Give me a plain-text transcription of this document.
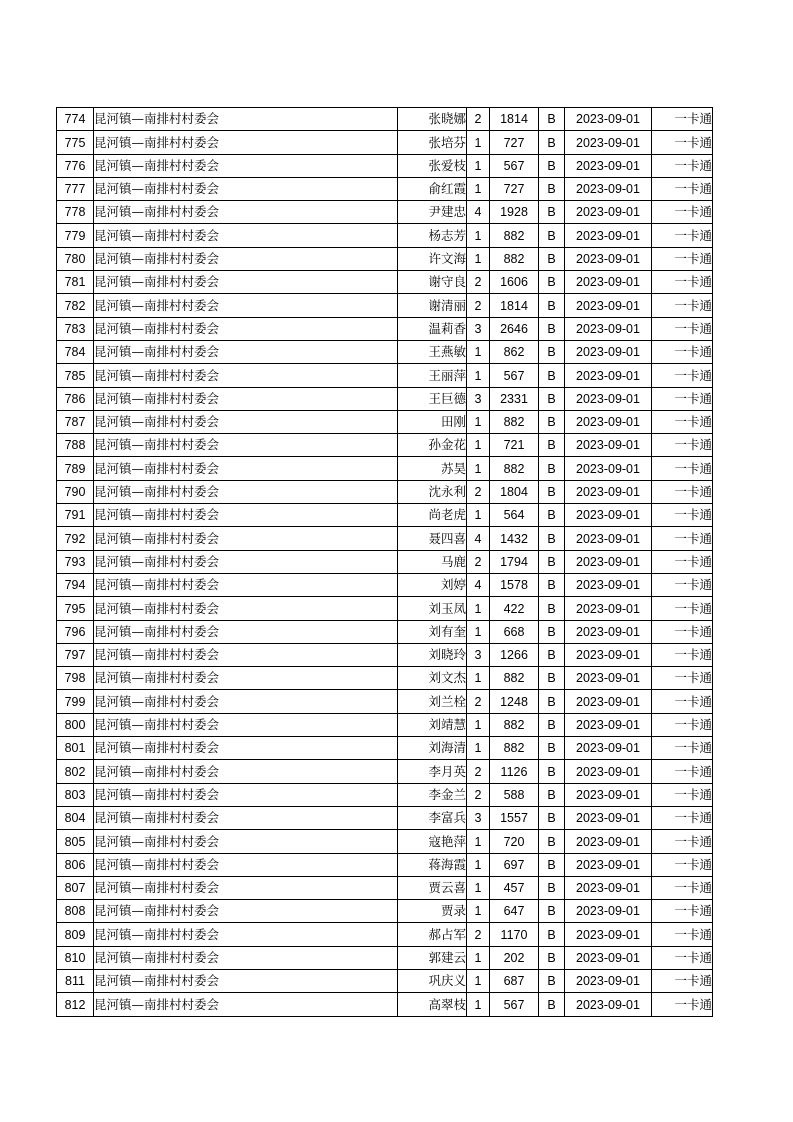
774	昆河镇—南排村村委会	张晓娜	2	1814	B	2023-09-01	一卡通
775	昆河镇—南排村村委会	张培芬	1	727	B	2023-09-01	一卡通
776	昆河镇—南排村村委会	张爱枝	1	567	B	2023-09-01	一卡通
777	昆河镇—南排村村委会	俞红霞	1	727	B	2023-09-01	一卡通
778	昆河镇—南排村村委会	尹建忠	4	1928	B	2023-09-01	一卡通
779	昆河镇—南排村村委会	杨志芳	1	882	B	2023-09-01	一卡通
780	昆河镇—南排村村委会	许文海	1	882	B	2023-09-01	一卡通
781	昆河镇—南排村村委会	谢守良	2	1606	B	2023-09-01	一卡通
782	昆河镇—南排村村委会	谢清丽	2	1814	B	2023-09-01	一卡通
783	昆河镇—南排村村委会	温莉香	3	2646	B	2023-09-01	一卡通
784	昆河镇—南排村村委会	王燕敏	1	862	B	2023-09-01	一卡通
785	昆河镇—南排村村委会	王丽萍	1	567	B	2023-09-01	一卡通
786	昆河镇—南排村村委会	王巨德	3	2331	B	2023-09-01	一卡通
787	昆河镇—南排村村委会	田刚	1	882	B	2023-09-01	一卡通
788	昆河镇—南排村村委会	孙金花	1	721	B	2023-09-01	一卡通
789	昆河镇—南排村村委会	苏昊	1	882	B	2023-09-01	一卡通
790	昆河镇—南排村村委会	沈永利	2	1804	B	2023-09-01	一卡通
791	昆河镇—南排村村委会	尚老虎	1	564	B	2023-09-01	一卡通
792	昆河镇—南排村村委会	聂四喜	4	1432	B	2023-09-01	一卡通
793	昆河镇—南排村村委会	马鹿	2	1794	B	2023-09-01	一卡通
794	昆河镇—南排村村委会	刘婷	4	1578	B	2023-09-01	一卡通
795	昆河镇—南排村村委会	刘玉凤	1	422	B	2023-09-01	一卡通
796	昆河镇—南排村村委会	刘有奎	1	668	B	2023-09-01	一卡通
797	昆河镇—南排村村委会	刘晓玲	3	1266	B	2023-09-01	一卡通
798	昆河镇—南排村村委会	刘文杰	1	882	B	2023-09-01	一卡通
799	昆河镇—南排村村委会	刘兰栓	2	1248	B	2023-09-01	一卡通
800	昆河镇—南排村村委会	刘靖慧	1	882	B	2023-09-01	一卡通
801	昆河镇—南排村村委会	刘海清	1	882	B	2023-09-01	一卡通
802	昆河镇—南排村村委会	李月英	2	1126	B	2023-09-01	一卡通
803	昆河镇—南排村村委会	李金兰	2	588	B	2023-09-01	一卡通
804	昆河镇—南排村村委会	李富兵	3	1557	B	2023-09-01	一卡通
805	昆河镇—南排村村委会	寇艳萍	1	720	B	2023-09-01	一卡通
806	昆河镇—南排村村委会	蒋海霞	1	697	B	2023-09-01	一卡通
807	昆河镇—南排村村委会	贾云喜	1	457	B	2023-09-01	一卡通
808	昆河镇—南排村村委会	贾录	1	647	B	2023-09-01	一卡通
809	昆河镇—南排村村委会	郝占军	2	1170	B	2023-09-01	一卡通
810	昆河镇—南排村村委会	郭建云	1	202	B	2023-09-01	一卡通
811	昆河镇—南排村村委会	巩庆义	1	687	B	2023-09-01	一卡通
812	昆河镇—南排村村委会	高翠枝	1	567	B	2023-09-01	一卡通
